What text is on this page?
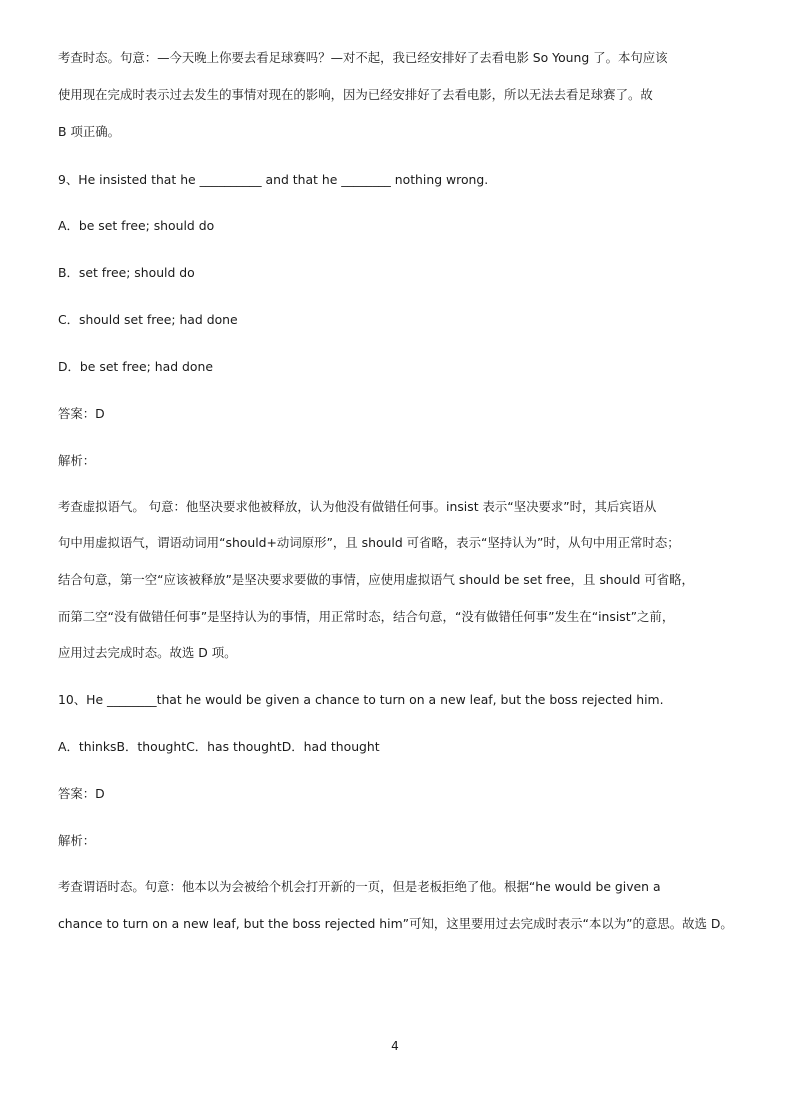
考查时态。句意：—今天晚上你要去看足球赛吗？—对不起，我已经安排好了去看电影 So Young 了。本句应该
使用现在完成时表示过去发生的事情对现在的影响，因为已经安排好了去看电影，所以无法去看足球赛了。故
B 项正确。
9、He insisted that he __________ and that he ________ nothing wrong.
A．be set free; should do
B．set free; should do
C．should set free; had done
D．be set free; had done
答案：D
解析：
考查虚拟语气。 句意：他坚决要求他被释放，认为他没有做错任何事。insist 表示“坚决要求”时，其后宾语从
句中用虚拟语气，谓语动词用“should+动词原形”，且 should 可省略，表示“坚持认为”时，从句中用正常时态；
结合句意，第一空“应该被释放”是坚决要求要做的事情，应使用虚拟语气 should be set free，且 should 可省略，
而第二空“没有做错任何事”是坚持认为的事情，用正常时态，结合句意，“没有做错任何事”发生在“insist”之前，
应用过去完成时态。故选 D 项。
10、He ________that he would be given a chance to turn on a new leaf, but the boss rejected him.
A．thinksB．thoughtC．has thoughtD．had thought
答案：D
解析：
考查谓语时态。句意：他本以为会被给个机会打开新的一页，但是老板拒绝了他。根据“he would be given a
chance to turn on a new leaf, but the boss rejected him”可知，这里要用过去完成时表示“本以为”的意思。故选 D。
4
